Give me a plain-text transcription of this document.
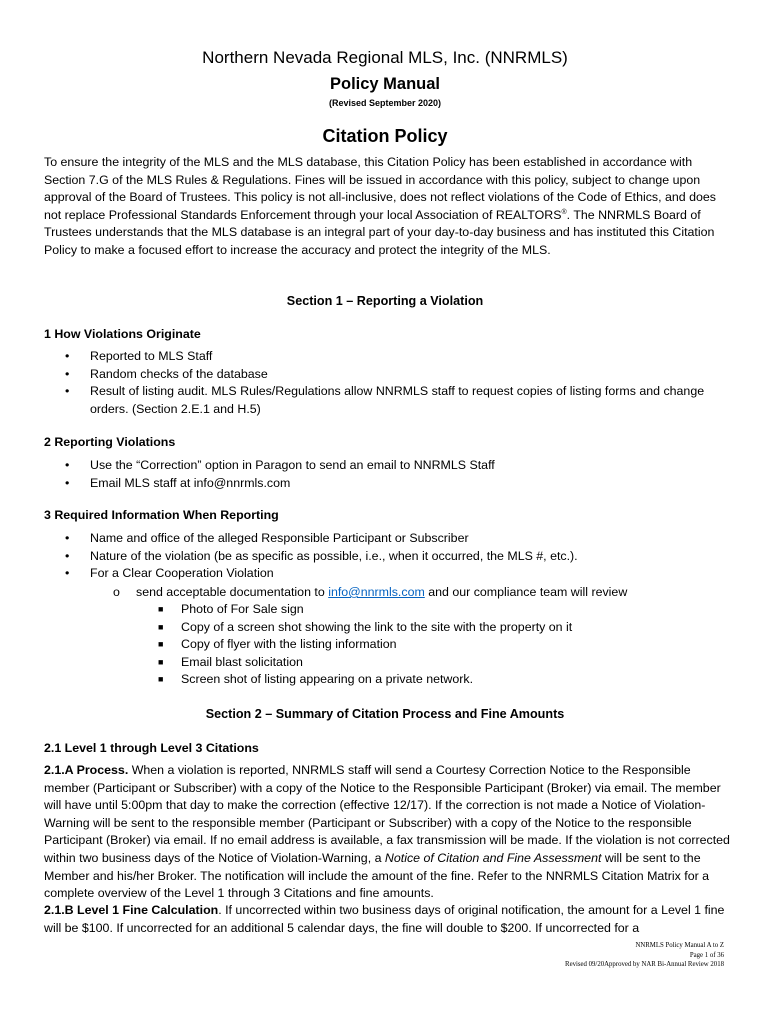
Northern Nevada Regional MLS, Inc. (NNRMLS)
Policy Manual
(Revised September 2020)
Citation Policy

To ensure the integrity of the MLS and the MLS database, this Citation Policy has been established in accordance with Section 7.G of the MLS Rules & Regulations. Fines will be issued in accordance with this policy, subject to change upon approval of the Board of Trustees. This policy is not all-inclusive, does not reflect violations of the Code of Ethics, and does not replace Professional Standards Enforcement through your local Association of REALTORS®. The NNRMLS Board of Trustees understands that the MLS database is an integral part of your day-to-day business and has instituted this Citation Policy to make a focused effort to increase the accuracy and protect the integrity of the MLS.

Section 1 – Reporting a Violation
1 How Violations Originate
• Reported to MLS Staff
• Random checks of the database
• Result of listing audit. MLS Rules/Regulations allow NNRMLS staff to request copies of listing forms and change orders. (Section 2.E.1 and H.5)
2 Reporting Violations
• Use the “Correction” option in Paragon to send an email to NNRMLS Staff
• Email MLS staff at info@nnrmls.com
3 Required Information When Reporting
• Name and office of the alleged Responsible Participant or Subscriber
• Nature of the violation (be as specific as possible, i.e., when it occurred, the MLS #, etc.).
• For a Clear Cooperation Violation
o send acceptable documentation to info@nnrmls.com and our compliance team will review
■ Photo of For Sale sign
■ Copy of a screen shot showing the link to the site with the property on it
■ Copy of flyer with the listing information
■ Email blast solicitation
■ Screen shot of listing appearing on a private network.
Section 2 – Summary of Citation Process and Fine Amounts
2.1 Level 1 through Level 3 Citations

2.1.A Process. When a violation is reported, NNRMLS staff will send a Courtesy Correction Notice to the Responsible member (Participant or Subscriber) with a copy of the Notice to the Responsible Participant (Broker) via email. The member will have until 5:00pm that day to make the correction (effective 12/17). If the correction is not made a Notice of Violation-Warning will be sent to the responsible member (Participant or Subscriber) with a copy of the Notice to the responsible Participant (Broker) via email. If no email address is available, a fax transmission will be made. If the violation is not corrected within two business days of the Notice of Violation-Warning, a Notice of Citation and Fine Assessment will be sent to the Member and his/her Broker. The notification will include the amount of the fine. Refer to the NNRMLS Citation Matrix for a complete overview of the Level 1 through 3 Citations and fine amounts.

2.1.B Level 1 Fine Calculation. If uncorrected within two business days of original notification, the amount for a Level 1 fine will be $100. If uncorrected for an additional 5 calendar days, the fine will double to $200. If uncorrected for a

NNRMLS Policy Manual A to Z
Page 1 of 36
Revised 09/20Approved by NAR Bi-Annual Review 2018
